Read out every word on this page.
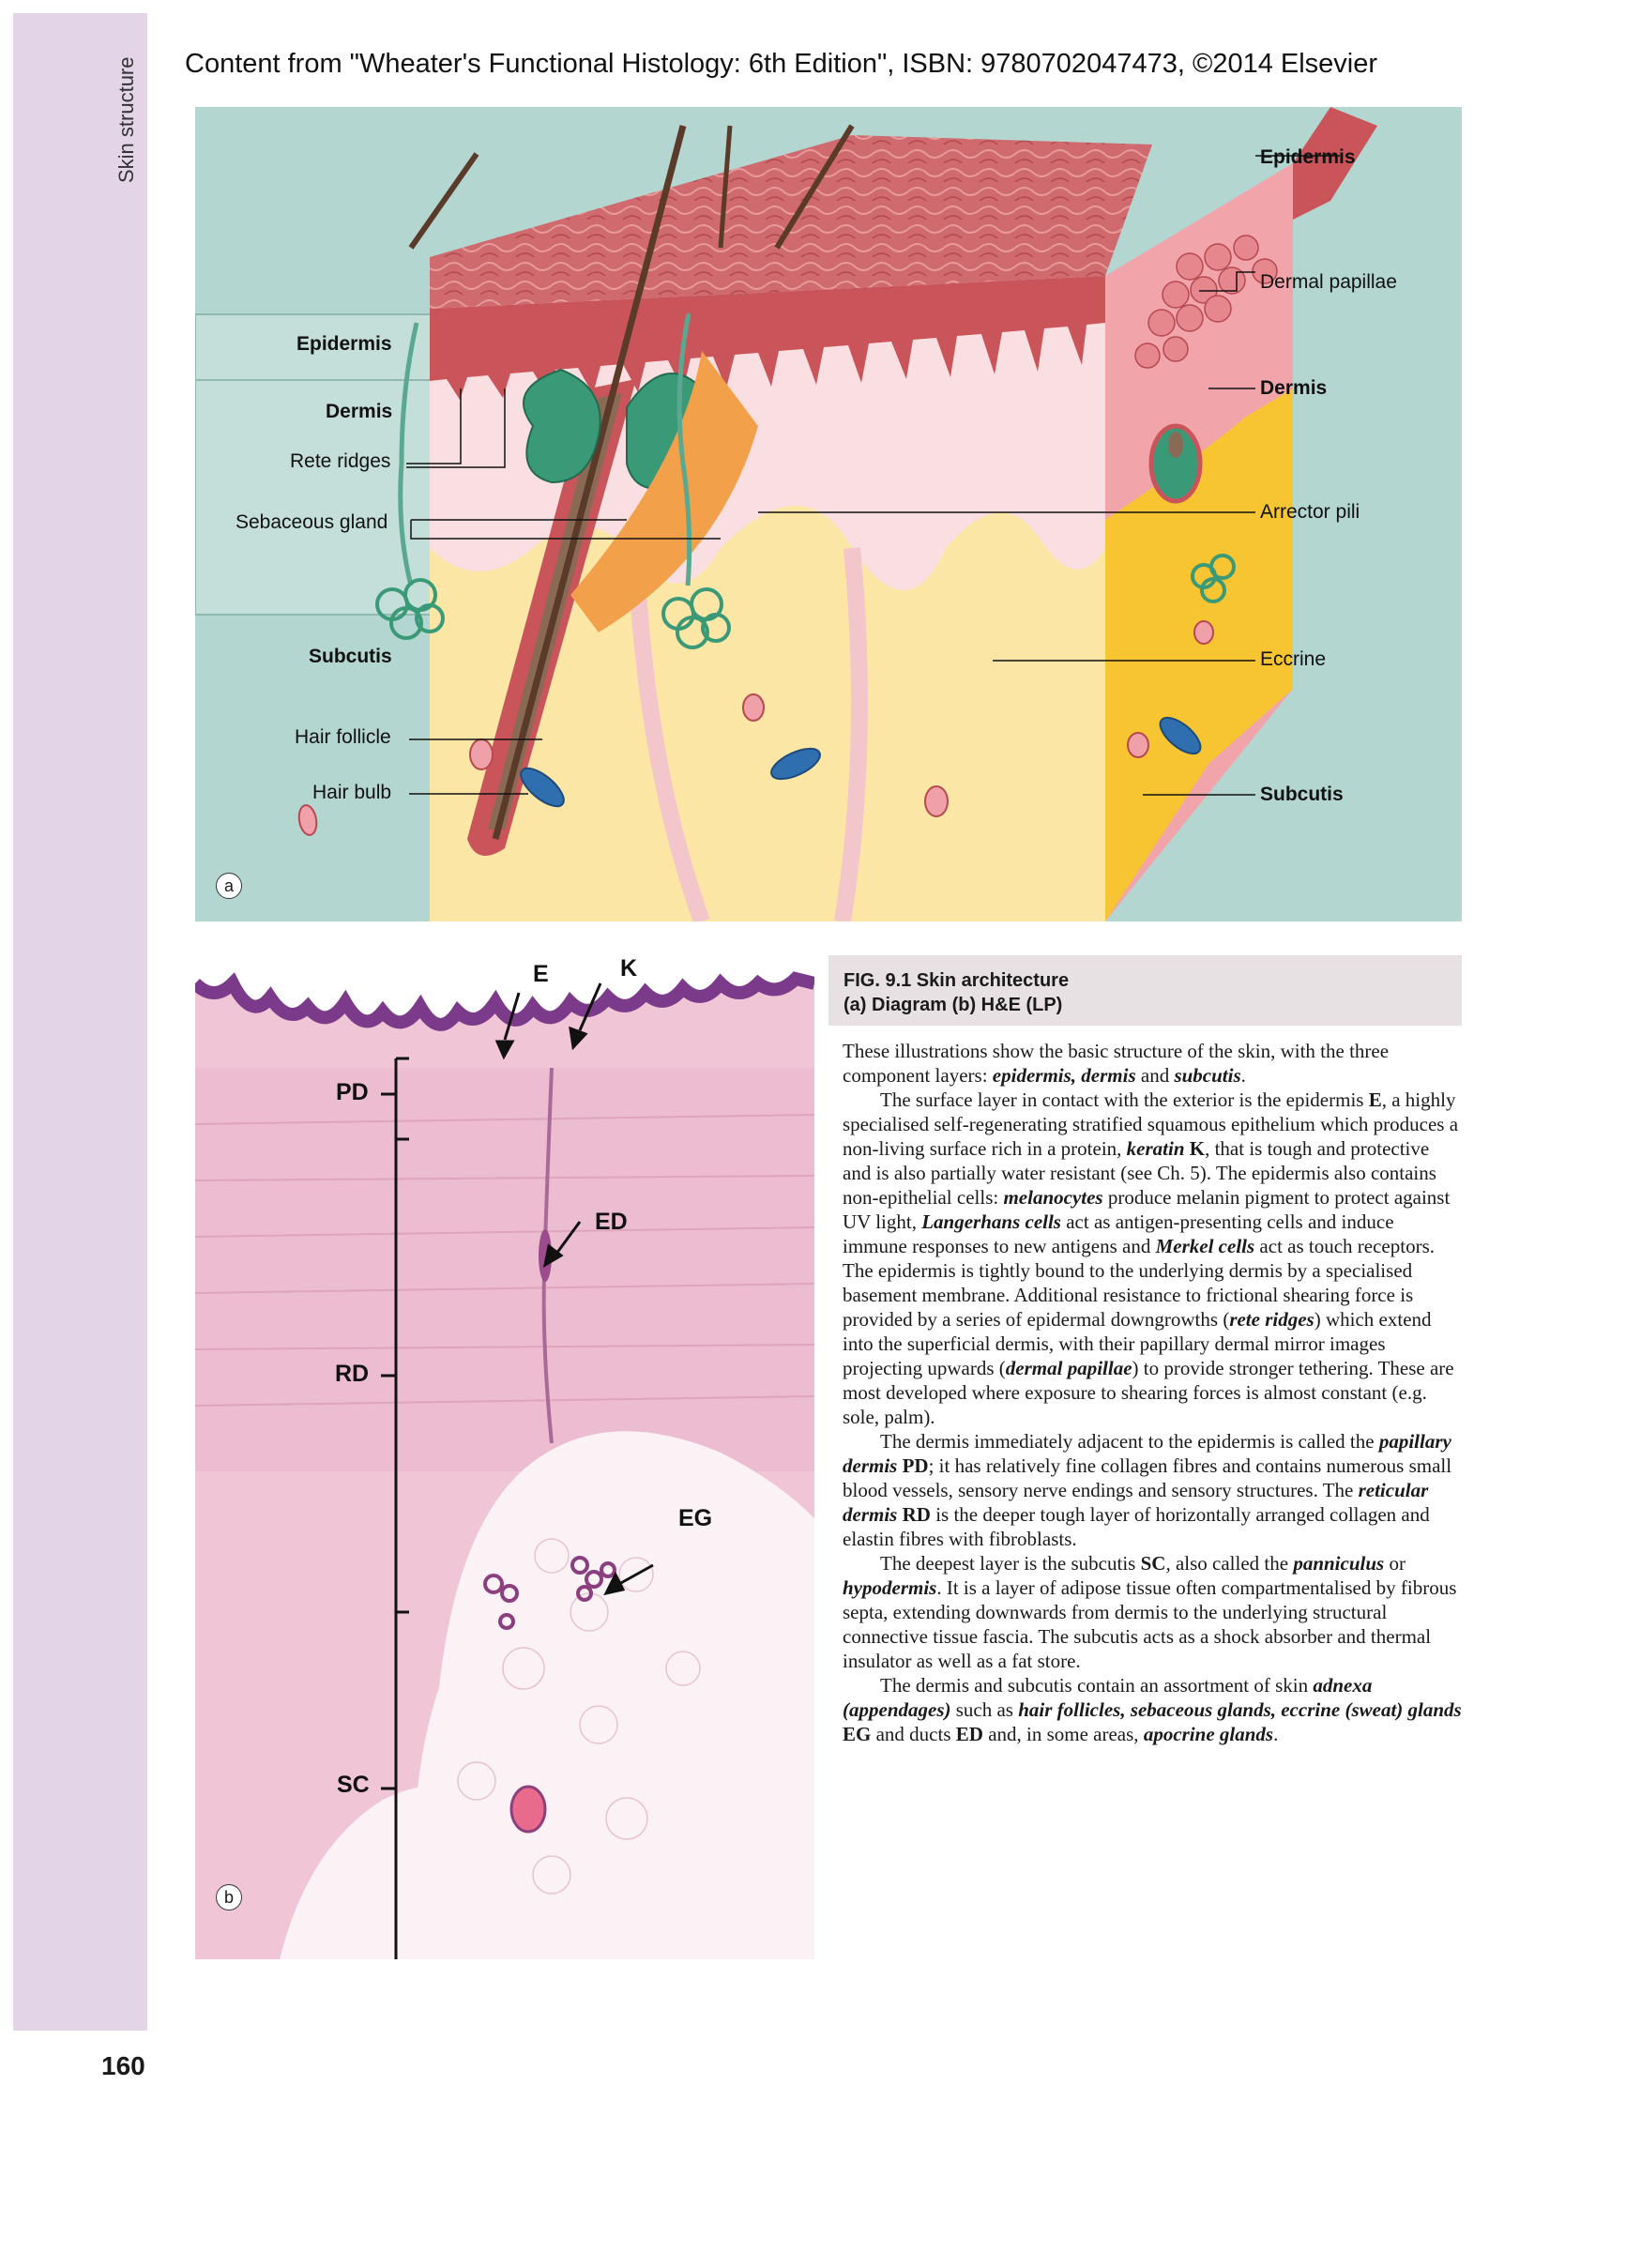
Skin structure Content from "Wheater's Functional Histology: 6th Edition", ISBN: 9780702047473, ©2014 Elsevier
Epidermis
Dermis
Rete ridges
Sebaceous gland
Subcutis
Hair follicle
Hair bulb
Epidermis
Dermal papillae
Dermis
Arrector pili
Eccrine
Subcutis
a
E	K
PD
ED
RD
EG
SC
b
FIG. 9.1 Skin architecture
(a) Diagram (b) H&E (LP)

These illustrations show the basic structure of the skin, with the three component layers: epidermis, dermis and subcutis.

The surface layer in contact with the exterior is the epidermis E, a highly specialised self-regenerating stratified squamous epithelium which produces a non-living surface rich in a protein, keratin K, that is tough and protective and is also partially water resistant (see Ch. 5). The epidermis also contains non-epithelial cells: melanocytes produce melanin pigment to protect against UV light, Langerhans cells act as antigen-presenting cells and induce immune responses to new antigens and Merkel cells act as touch receptors. The epidermis is tightly bound to the underlying dermis by a specialised basement membrane. Additional resistance to frictional shearing force is provided by a series of epidermal downgrowths (rete ridges) which extend into the superficial dermis, with their papillary dermal mirror images projecting upwards (dermal papillae) to provide stronger tethering. These are most developed where exposure to shearing forces is almost constant (e.g. sole, palm).

The dermis immediately adjacent to the epidermis is called the papillary dermis PD; it has relatively fine collagen fibres and contains numerous small blood vessels, sensory nerve endings and sensory structures. The reticular dermis RD is the deeper tough layer of horizontally arranged collagen and elastin fibres with fibroblasts.

The deepest layer is the subcutis SC, also called the panniculus or hypodermis. It is a layer of adipose tissue often compartmentalised by fibrous septa, extending downwards from dermis to the underlying structural connective tissue fascia. The subcutis acts as a shock absorber and thermal insulator as well as a fat store.

The dermis and subcutis contain an assortment of skin adnexa (appendages) such as hair follicles, sebaceous glands, eccrine (sweat) glands EG and ducts ED and, in some areas, apocrine glands.

160
